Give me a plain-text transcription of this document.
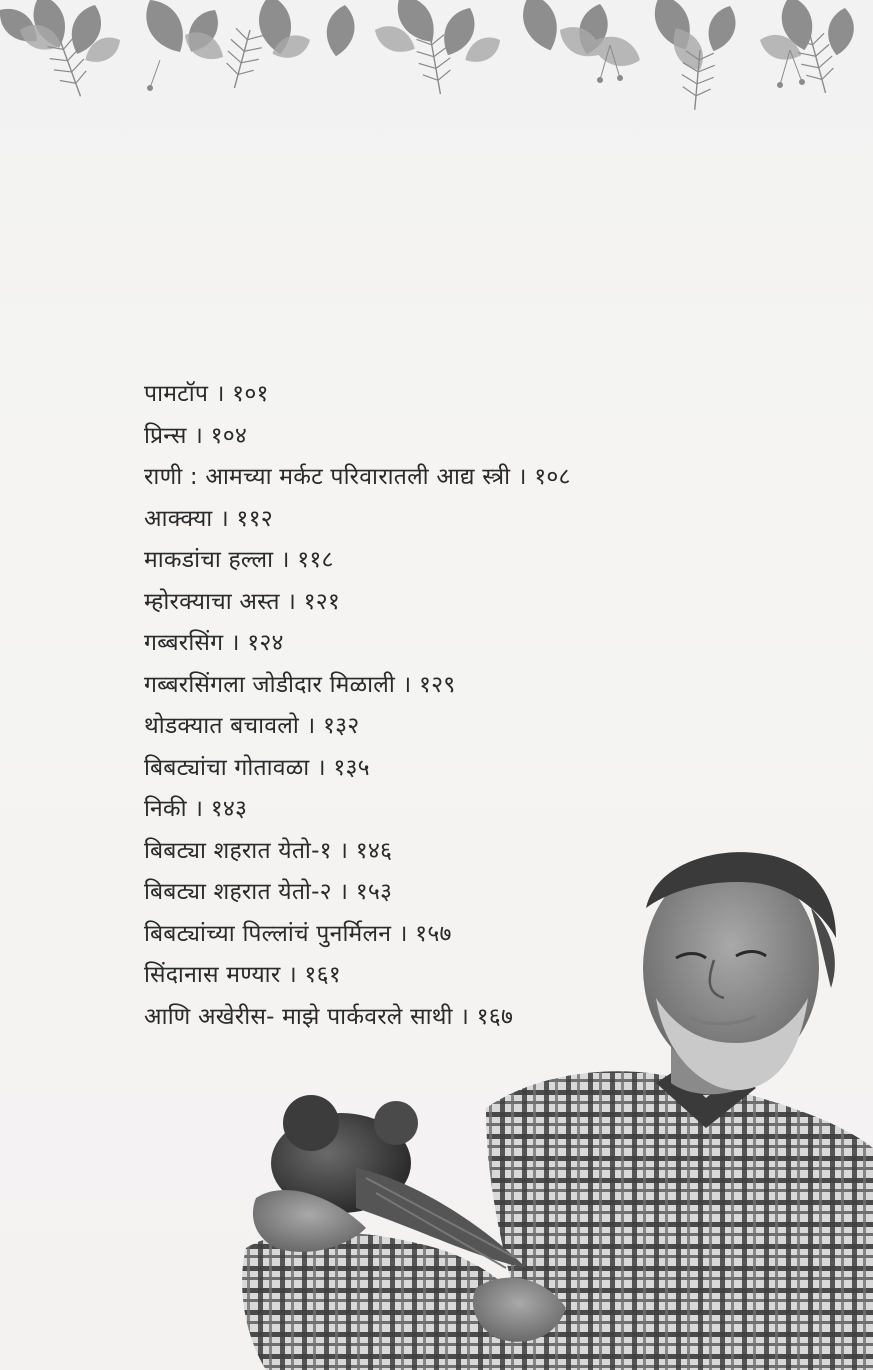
पामटॉप । १०१
प्रिन्स । १०४
राणी : आमच्या मर्कट परिवारातली आद्य स्त्री । १०८
आक्क्या । ११२
माकडांचा हल्ला । ११८
म्होरक्याचा अस्त । १२१
गब्बरसिंग । १२४
गब्बरसिंगला जोडीदार मिळाली । १२९
थोडक्यात बचावलो । १३२
बिबट्यांचा गोतावळा । १३५
निकी । १४३
बिबट्या शहरात येतो-१ । १४६
बिबट्या शहरात येतो-२ । १५३
बिबट्यांच्या पिल्लांचं पुनर्मिलन । १५७
सिंदानास मण्यार । १६१
आणि अखेरीस- माझे पार्कवरले साथी । १६७
